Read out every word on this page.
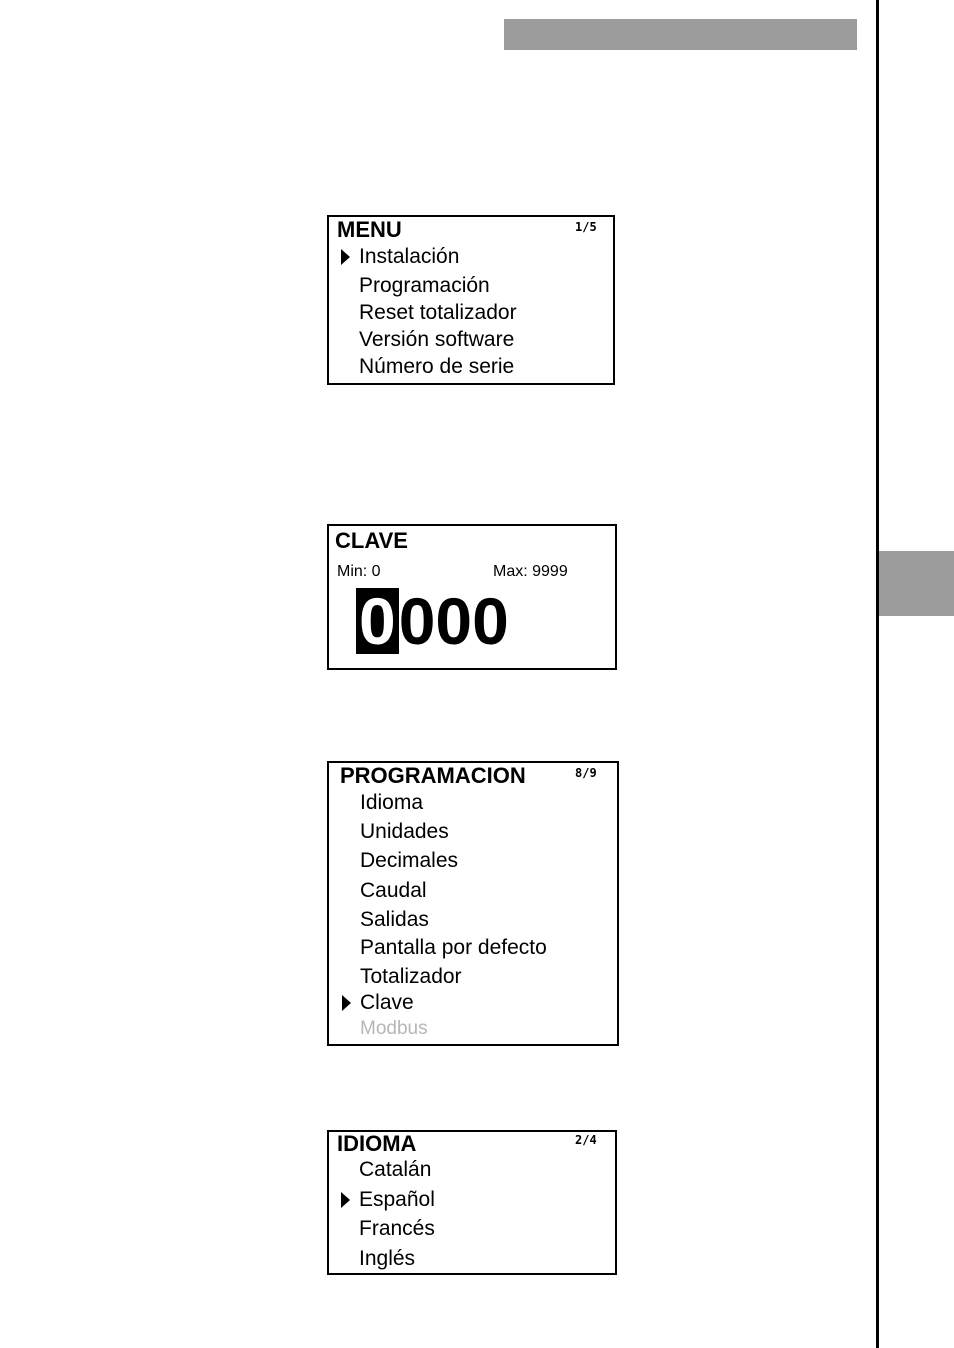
MENU	1/5
Instalación
Programación
Reset totalizador
Versión software
Número de serie
CLAVE
Min: 0	Max: 9999
0 000
PROGRAMACION	8/9
Idioma
Unidades
Decimales
Caudal
Salidas
Pantalla por defecto
Totalizador
Clave
Modbus
IDIOMA	2/4
Catalán
Español
Francés
Inglés
